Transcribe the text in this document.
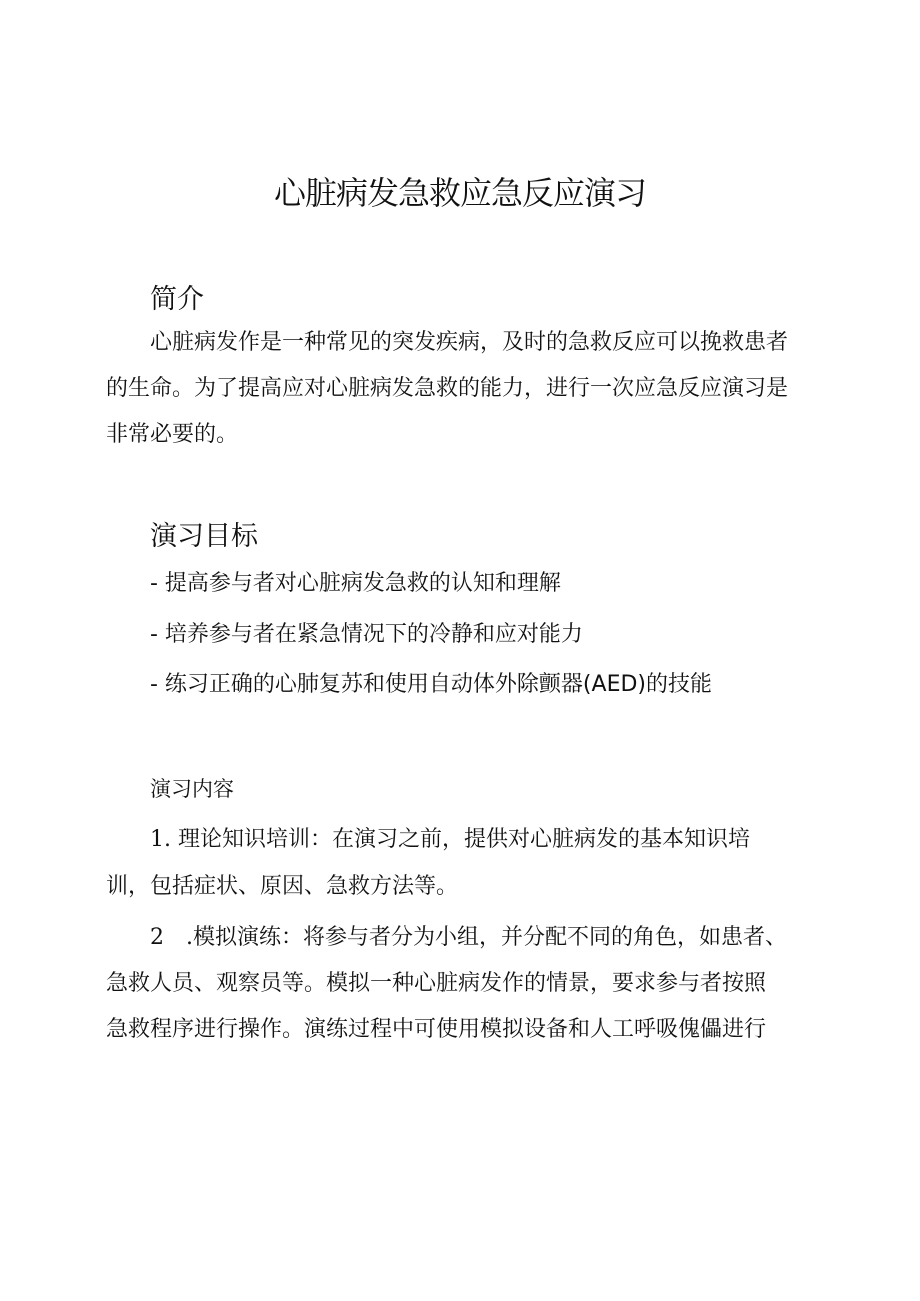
心脏病发急救应急反应演习
简介
心脏病发作是一种常见的突发疾病，及时的急救反应可以挽救患者
的生命。为了提高应对心脏病发急救的能力，进行一次应急反应演习是
非常必要的。
演习目标
- 提高参与者对心脏病发急救的认知和理解
- 培养参与者在紧急情况下的冷静和应对能力
- 练习正确的心肺复苏和使用自动体外除颤器(AED)的技能
演习内容
1. 理论知识培训：在演习之前，提供对心脏病发的基本知识培
训，包括症状、原因、急救方法等。
2　.模拟演练：将参与者分为小组，并分配不同的角色，如患者、
急救人员、观察员等。模拟一种心脏病发作的情景，要求参与者按照
急救程序进行操作。演练过程中可使用模拟设备和人工呼吸傀儡进行
